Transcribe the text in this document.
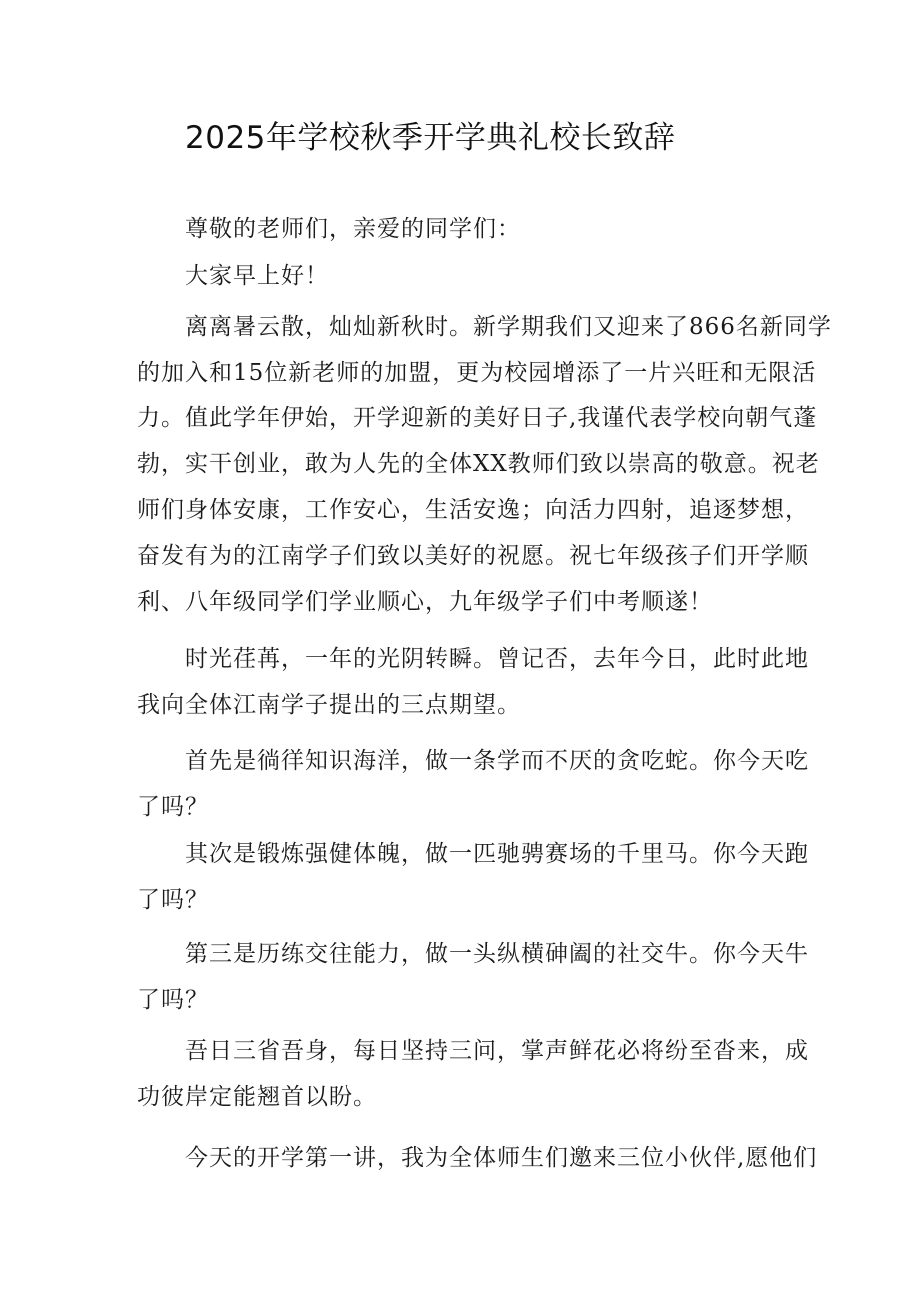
2025年学校秋季开学典礼校长致辞
尊敬的老师们，亲爱的同学们：
大家早上好！
离离暑云散，灿灿新秋时。新学期我们又迎来了866名新同学
的加入和15位新老师的加盟，更为校园增添了一片兴旺和无限活
力。值此学年伊始，开学迎新的美好日子,我谨代表学校向朝气蓬
勃，实干创业，敢为人先的全体XX教师们致以崇高的敬意。祝老
师们身体安康，工作安心，生活安逸；向活力四射，追逐梦想，
奋发有为的江南学子们致以美好的祝愿。祝七年级孩子们开学顺
利、八年级同学们学业顺心，九年级学子们中考顺遂！
时光荏苒，一年的光阴转瞬。曾记否，去年今日，此时此地
我向全体江南学子提出的三点期望。
首先是徜徉知识海洋，做一条学而不厌的贪吃蛇。你今天吃
了吗？
其次是锻炼强健体魄，做一匹驰骋赛场的千里马。你今天跑
了吗？
第三是历练交往能力，做一头纵横砷阖的社交牛。你今天牛
了吗？
吾日三省吾身，每日坚持三问，掌声鲜花必将纷至沓来，成
功彼岸定能翘首以盼。
今天的开学第一讲，我为全体师生们邀来三位小伙伴,愿他们
